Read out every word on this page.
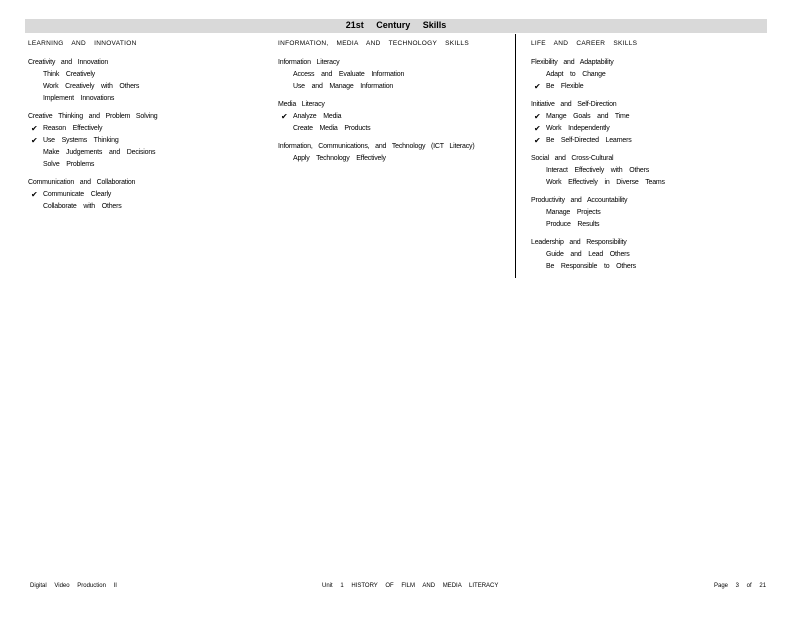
21st Century Skills
LEARNING AND INNOVATION
Creativity and Innovation
Think Creatively
Work Creatively with Others
Implement Innovations
Creative Thinking and Problem Solving
✔ Reason Effectively
✔ Use Systems Thinking
Make Judgements and Decisions
Solve Problems
Communication and Collaboration
✔ Communicate Clearly
Collaborate with Others
INFORMATION, MEDIA AND TECHNOLOGY SKILLS
Information Literacy
Access and Evaluate Information
Use and Manage Information
Media Literacy
✔ Analyze Media
Create Media Products
Information, Communications, and Technology (ICT Literacy)
Apply Technology Effectively
LIFE AND CAREER SKILLS
Flexibility and Adaptability
Adapt to Change
✔ Be Flexible
Initiative and Self-Direction
✔ Mange Goals and Time
✔ Work Independently
✔ Be Self-Directed Learners
Social and Cross-Cultural
Interact Effectively with Others
Work Effectively in Diverse Teams
Productivity and Accountability
Manage Projects
Produce Results
Leadership and Responsibility
Guide and Lead Others
Be Responsible to Others
Digital Video Production II	Unit 1 HISTORY OF FILM AND MEDIA LITERACY	Page 3 of 21
